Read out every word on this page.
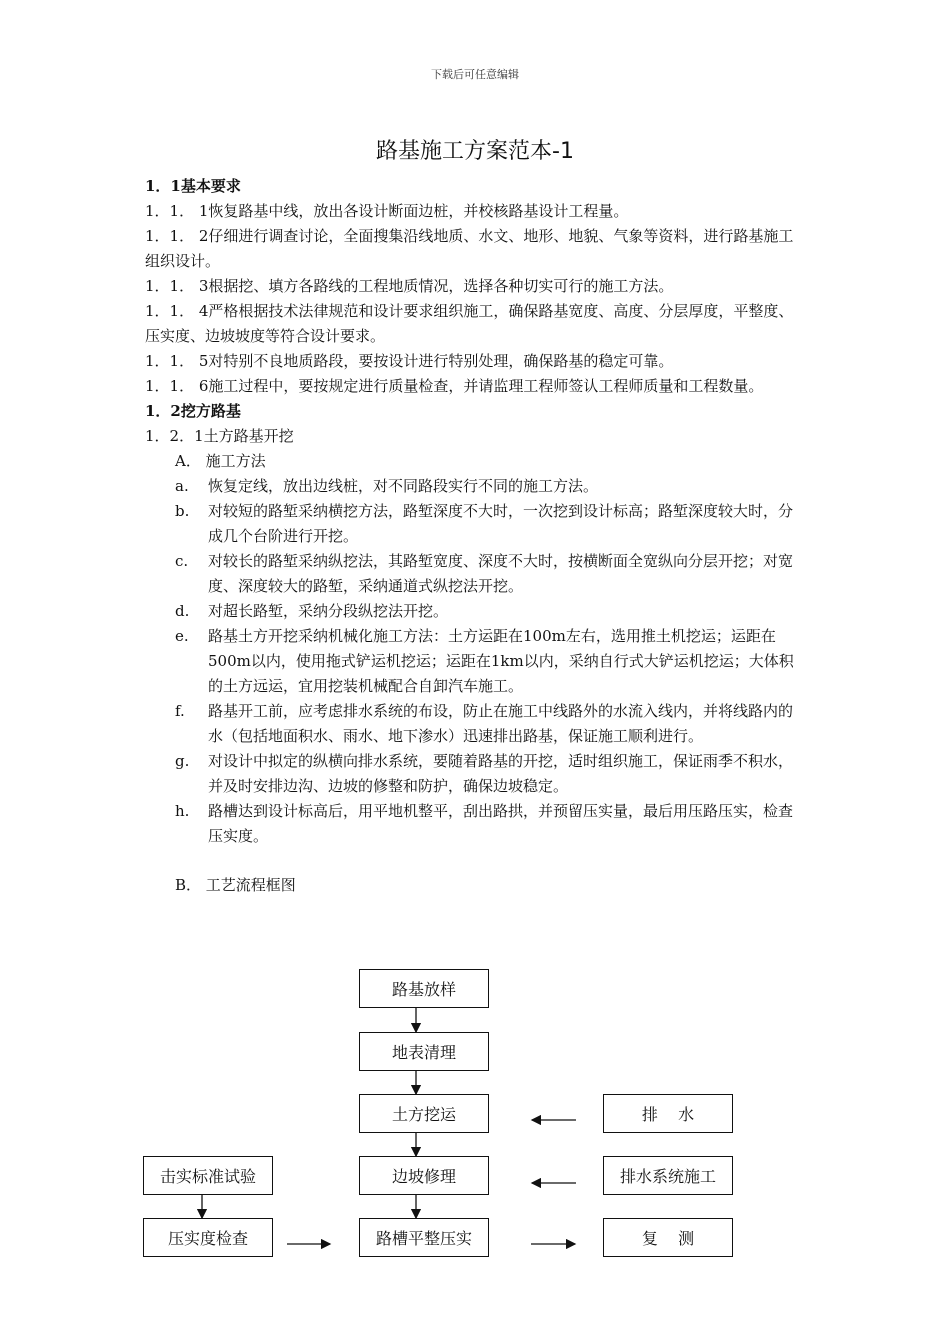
下载后可任意编辑
路基施工方案范本-1

1．1基本要求

1．1． 1恢复路基中线，放出各设计断面边桩，并校核路基设计工程量。

1．1． 2仔细进行调查讨论，全面搜集沿线地质、水文、地形、地貌、气象等资料，进行路基施工组织设计。

1．1． 3根据挖、填方各路线的工程地质情况，选择各种切实可行的施工方法。

1．1． 4严格根据技术法律规范和设计要求组织施工，确保路基宽度、高度、分层厚度，平整度、压实度、边坡坡度等符合设计要求。

1．1． 5对特别不良地质路段，要按设计进行特别处理，确保路基的稳定可靠。

1．1． 6施工过程中，要按规定进行质量检查，并请监理工程师签认工程师质量和工程数量。

1．2挖方路基

1．2．1土方路基开挖

A． 施工方法

a.	恢复定线，放出边线桩，对不同路段实行不同的施工方法。
b.	对较短的路堑采纳横挖方法，路堑深度不大时，一次挖到设计标高；路堑深度较大时，分成几个台阶进行开挖。
c.	对较长的路堑采纳纵挖法，其路堑宽度、深度不大时，按横断面全宽纵向分层开挖；对宽度、深度较大的路堑，采纳通道式纵挖法开挖。
d.	对超长路堑，采纳分段纵挖法开挖。
e.	路基土方开挖采纳机械化施工方法：土方运距在100m左右，选用推土机挖运；运距在500m以内，使用拖式铲运机挖运；运距在1km以内，采纳自行式大铲运机挖运；大体积的土方远运，宜用挖装机械配合自卸汽车施工。
f.	路基开工前，应考虑排水系统的布设，防止在施工中线路外的水流入线内，并将线路内的水（包括地面积水、雨水、地下渗水）迅速排出路基，保证施工顺利进行。
g.	对设计中拟定的纵横向排水系统，要随着路基的开挖，适时组织施工，保证雨季不积水，并及时安排边沟、边坡的修整和防护，确保边坡稳定。
h.	路槽达到设计标高后，用平地机整平，刮出路拱，并预留压实量，最后用压路压实，检查压实度。

B． 工艺流程框图

路基放样
地表清理
土方挖运
边坡修理
路槽平整压实
排    水
排水系统施工
复    测
击实标准试验
压实度检查
